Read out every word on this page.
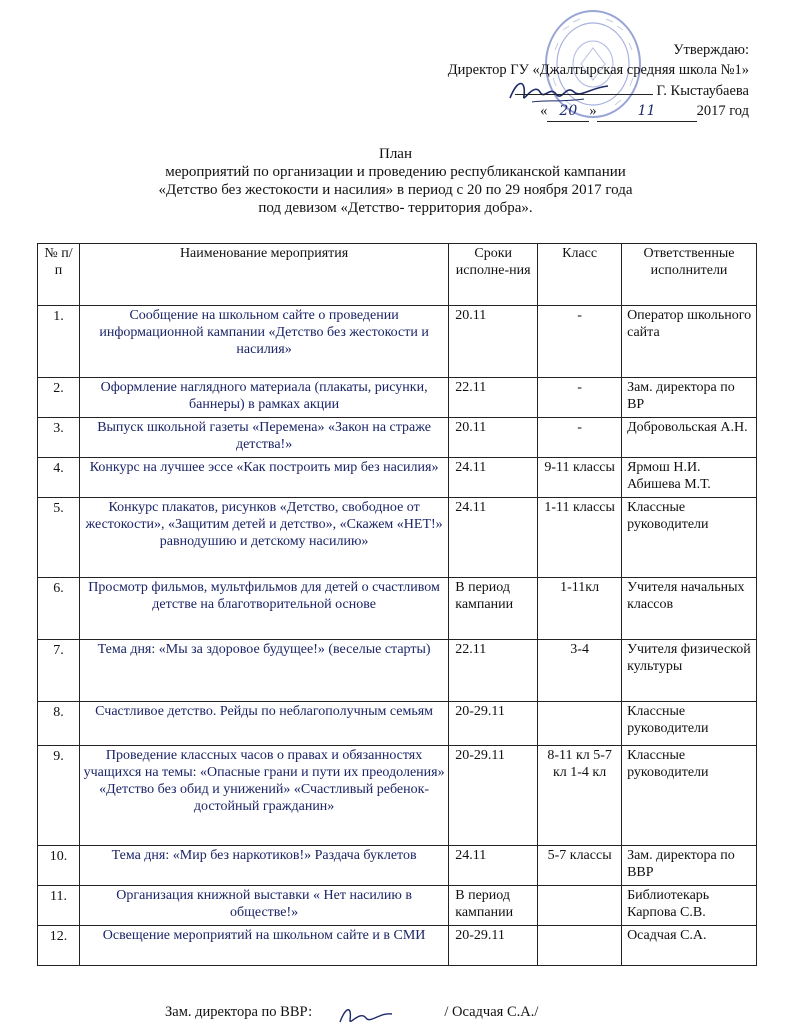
Утверждаю:
Директор ГУ «Джалтырская средняя школа №1»
Г. Кыстаубаева
« 20 »	11	2017 год
План
мероприятий по организации и проведению республиканской кампании
«Детство без жестокости и насилия» в период с 20 по 29 ноября 2017 года
под девизом «Детство- территория добра».
№ п/п	Наименование мероприятия	Сроки исполне-ния	Класс	Ответственные исполнители
1.	Сообщение на школьном сайте о проведении информационной кампании «Детство без жестокости и насилия»	20.11	-	Оператор школьного сайта
2.	Оформление наглядного материала (плакаты, рисунки, баннеры) в рамках акции	22.11	-	Зам. директора по ВР
3.	Выпуск школьной газеты «Перемена» «Закон на страже детства!»	20.11	-	Добровольская А.Н.
4.	Конкурс на лучшее эссе «Как построить мир без насилия»	24.11	9-11 классы	Ярмош Н.И. Абишева М.Т.
5.	Конкурс плакатов, рисунков «Детство, свободное от жестокости», «Защитим детей и детство», «Скажем «НЕТ!» равнодушию и детскому насилию»	24.11	1-11 классы	Классные руководители
6.	Просмотр фильмов, мультфильмов для детей о счастливом детстве на благотворительной основе	В период кампании	1-11кл	Учителя начальных классов
7.	Тема дня: «Мы за здоровое будущее!» (веселые старты)	22.11	3-4	Учителя физической культуры
8.	Счастливое детство. Рейды по неблагополучным семьям	20-29.11		Классные руководители
9.	Проведение классных часов о правах и обязанностях учащихся на темы: «Опасные грани и пути их преодоления» «Детство без обид и унижений» «Счастливый ребенок- достойный гражданин»	20-29.11	8-11 кл 5-7 кл 1-4 кл	Классные руководители
10.	Тема дня: «Мир без наркотиков!» Раздача буклетов	24.11	5-7 классы	Зам. директора по ВВР
11.	Организация книжной выставки « Нет насилию в обществе!»	В период кампании		Библиотекарь Карпова С.В.
12.	Освещение мероприятий на школьном сайте и в СМИ	20-29.11		Осадчая С.А.
Зам. директора по ВВР:	/ Осадчая С.А./
